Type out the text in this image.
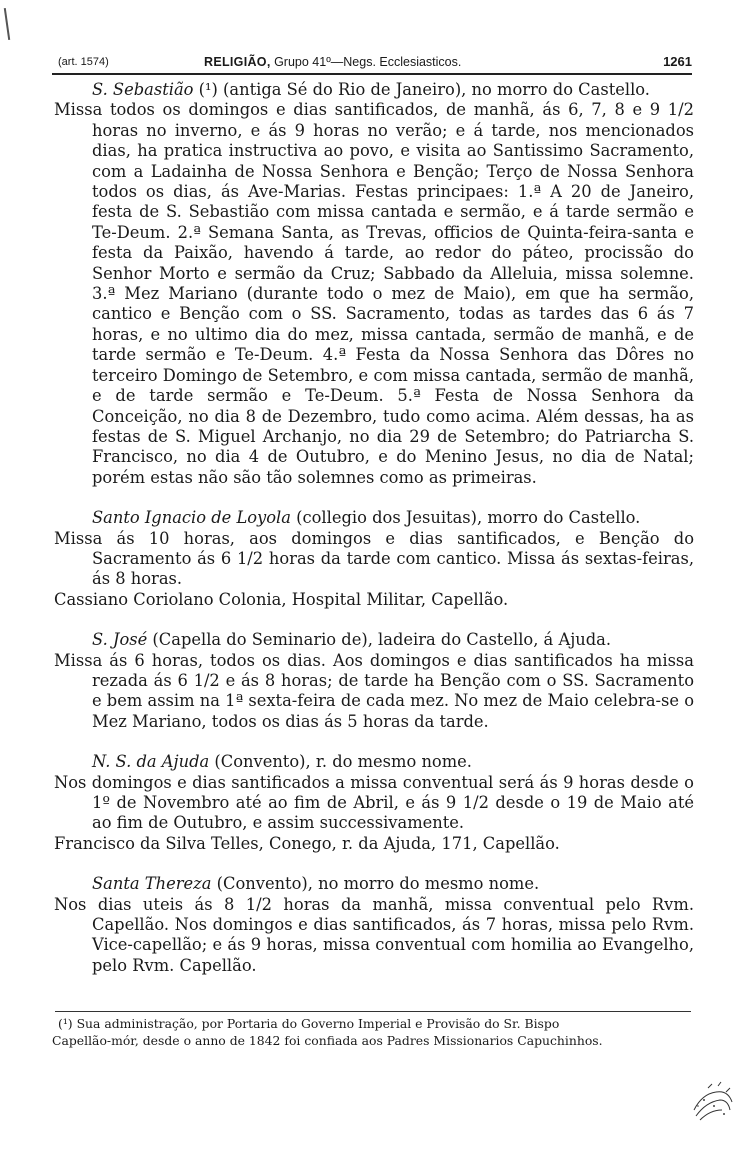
(art. 1574)	RELIGIÃO, Grupo 41º—Negs. Ecclesiasticos.	1261

S. Sebastião (¹) (antiga Sé do Rio de Janeiro), no morro do Castello.

Missa todos os domingos e dias santificados, de manhã, ás 6, 7, 8 e 9 1/2 horas no inverno, e ás 9 horas no verão; e á tarde, nos mencionados dias, ha pratica instructiva ao povo, e visita ao Santissimo Sacramento, com a Ladainha de Nossa Senhora e Benção; Terço de Nossa Senhora todos os dias, ás Ave-Marias. Festas principaes: 1.ª A 20 de Janeiro, festa de S. Sebastião com missa cantada e sermão, e á tarde sermão e Te-Deum. 2.ª Semana Santa, as Trevas, officios de Quinta-feira-santa e festa da Paixão, havendo á tarde, ao redor do páteo, procissão do Senhor Morto e sermão da Cruz; Sabbado da Alleluia, missa solemne. 3.ª Mez Mariano (durante todo o mez de Maio), em que ha sermão, cantico e Benção com o SS. Sacramento, todas as tardes das 6 ás 7 horas, e no ultimo dia do mez, missa cantada, sermão de manhã, e de tarde sermão e Te-Deum. 4.ª Festa da Nossa Senhora das Dôres no terceiro Domingo de Setembro, e com missa cantada, sermão de manhã, e de tarde sermão e Te-Deum. 5.ª Festa de Nossa Senhora da Conceição, no dia 8 de Dezembro, tudo como acima. Além dessas, ha as festas de S. Miguel Archanjo, no dia 29 de Setembro; do Patriarcha S. Francisco, no dia 4 de Outubro, e do Menino Jesus, no dia de Natal; porém estas não são tão solemnes como as primeiras.

Santo Ignacio de Loyola (collegio dos Jesuitas), morro do Castello.

Missa ás 10 horas, aos domingos e dias santificados, e Benção do Sacramento ás 6 1/2 horas da tarde com cantico. Missa ás sextas-feiras, ás 8 horas.

Cassiano Coriolano Colonia, Hospital Militar, Capellão.

S. José (Capella do Seminario de), ladeira do Castello, á Ajuda.

Missa ás 6 horas, todos os dias. Aos domingos e dias santificados ha missa rezada ás 6 1/2 e ás 8 horas; de tarde ha Benção com o SS. Sacramento e bem assim na 1ª sexta-feira de cada mez. No mez de Maio celebra-se o Mez Mariano, todos os dias ás 5 horas da tarde.

N. S. da Ajuda (Convento), r. do mesmo nome.

Nos domingos e dias santificados a missa conventual será ás 9 horas desde o 1º de Novembro até ao fim de Abril, e ás 9 1/2 desde o 19 de Maio até ao fim de Outubro, e assim successivamente.

Francisco da Silva Telles, Conego, r. da Ajuda, 171, Capellão.

Santa Thereza (Convento), no morro do mesmo nome.

Nos dias uteis ás 8 1/2 horas da manhã, missa conventual pelo Rvm. Capellão. Nos domingos e dias santificados, ás 7 horas, missa pelo Rvm. Vice-capellão; e ás 9 horas, missa conventual com homilia ao Evangelho, pelo Rvm. Capellão.

(¹) Sua administração, por Portaria do Governo Imperial e Provisão do Sr. Bispo
Capellão-mór, desde o anno de 1842 foi confiada aos Padres Missionarios Capuchinhos.
